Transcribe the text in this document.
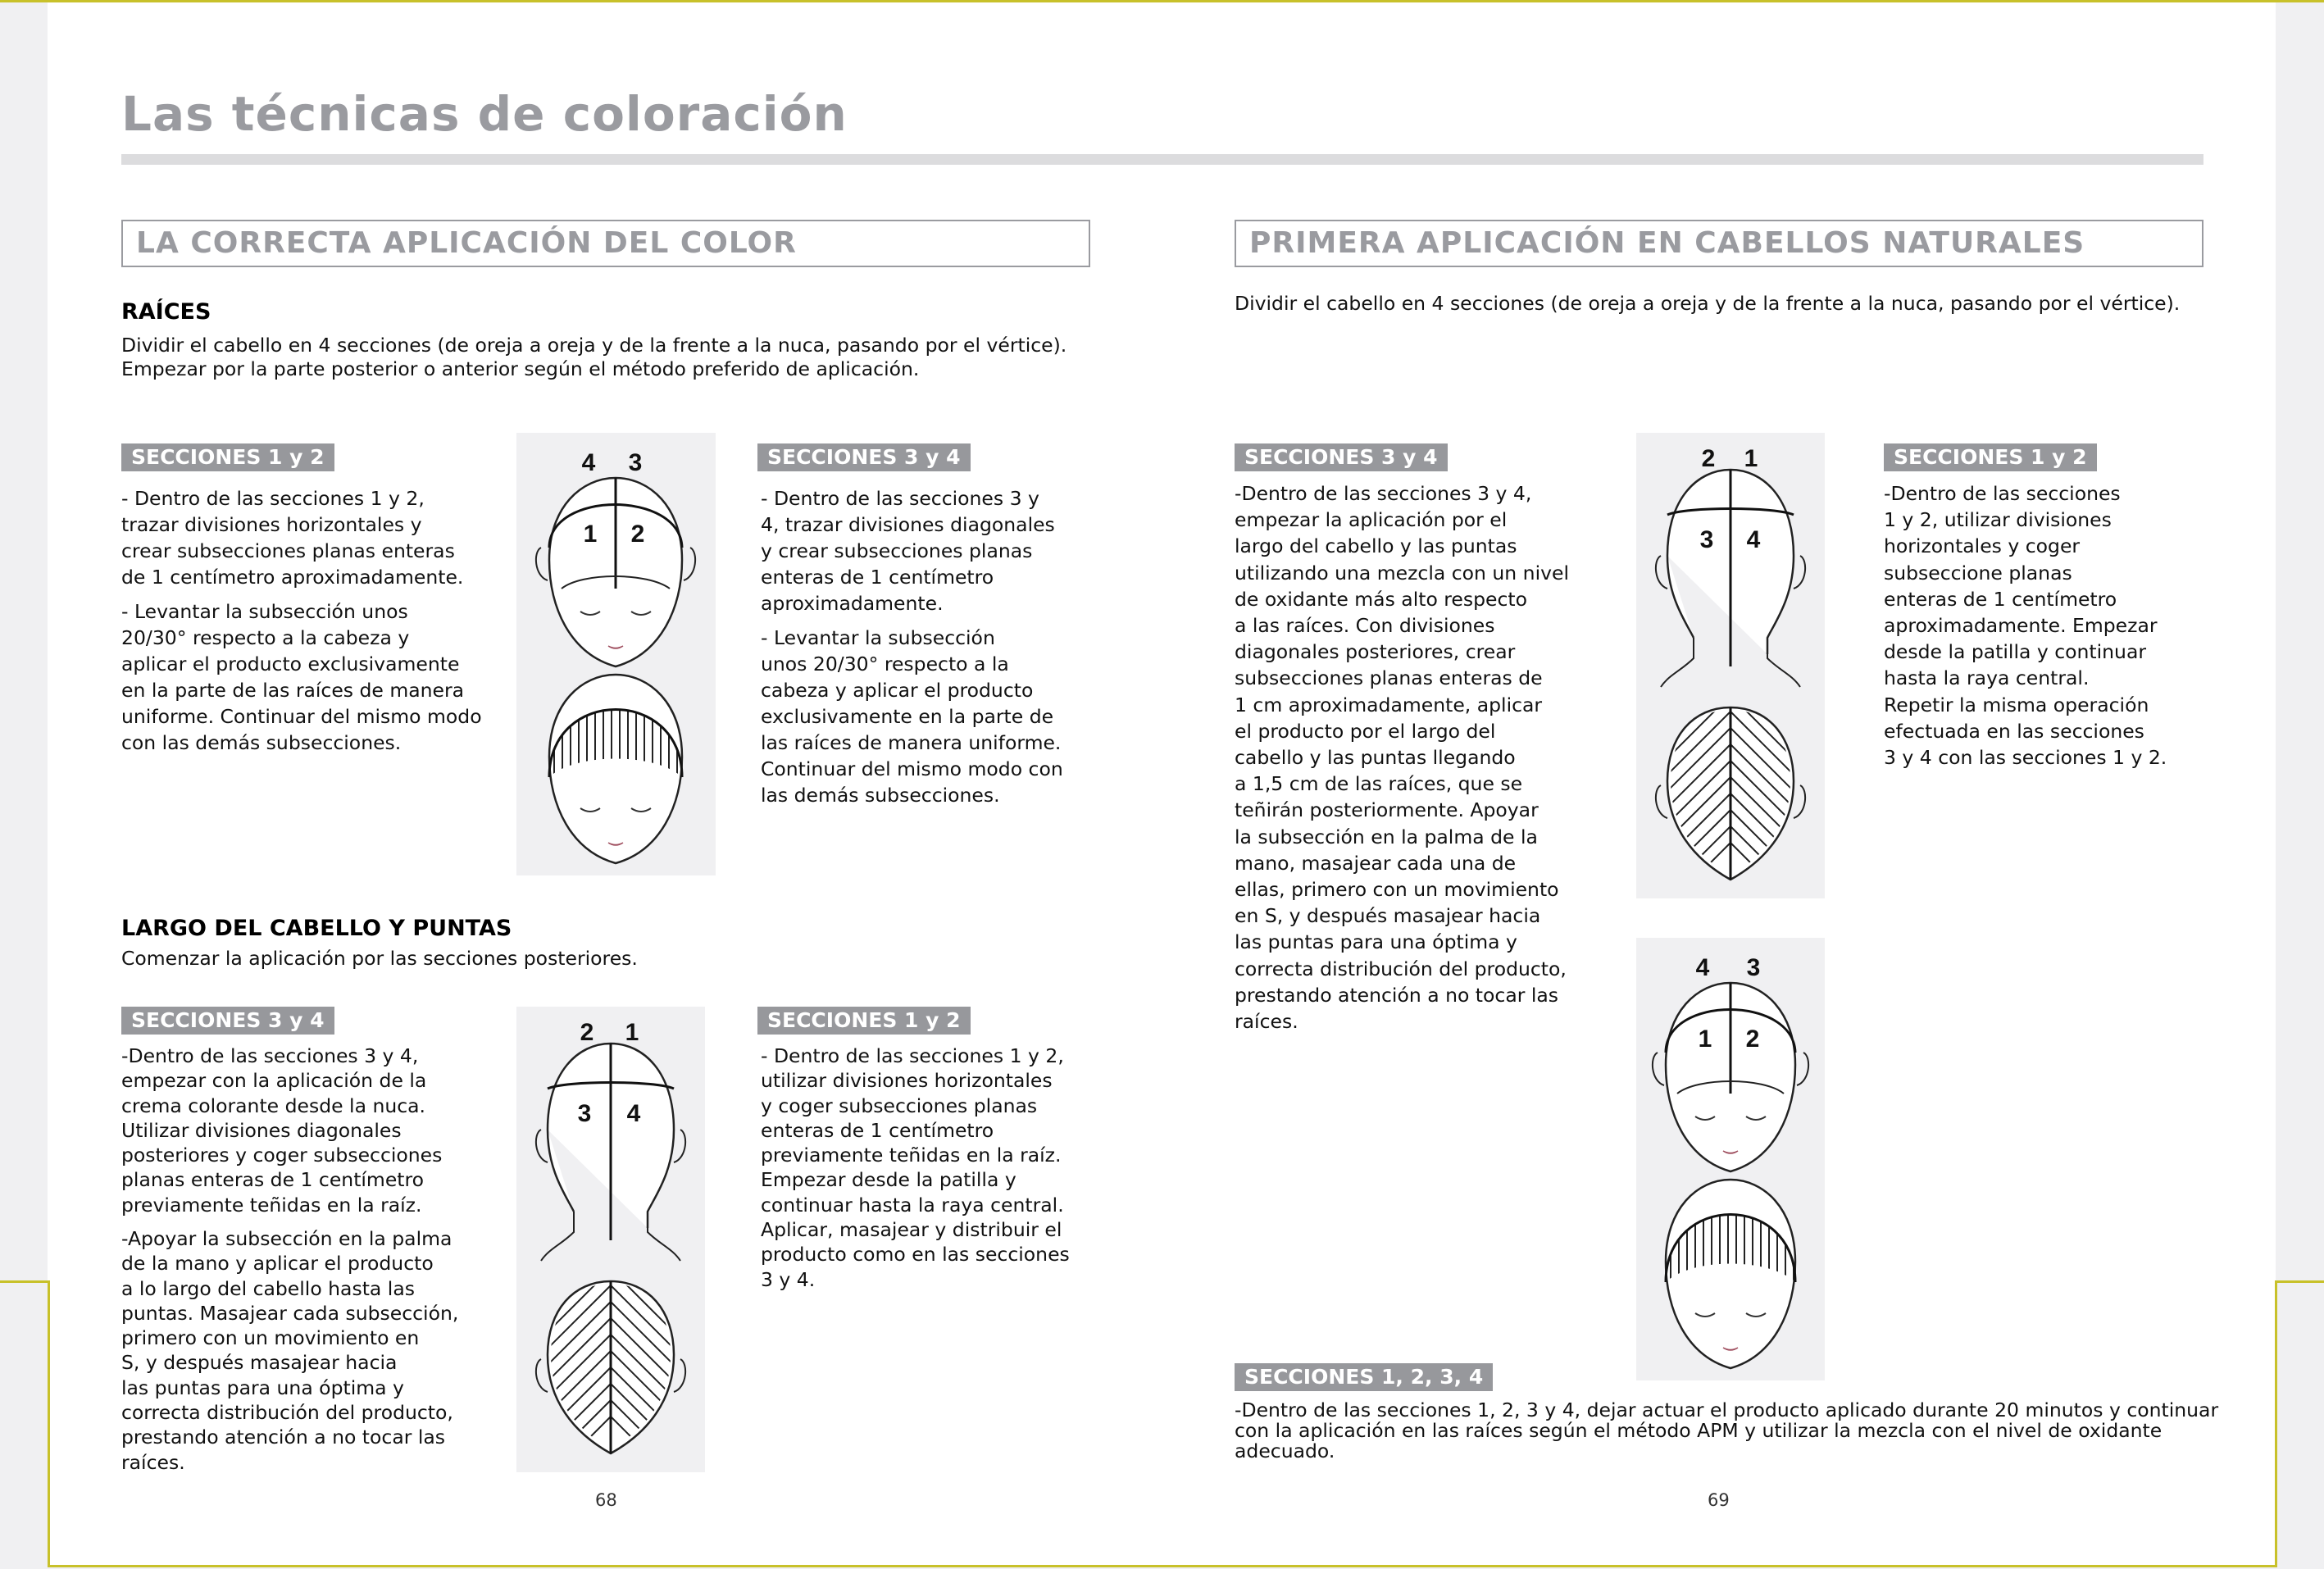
Las técnicas de coloración
LA CORRECTA APLICACIÓN DEL COLOR
RAÍCES
Dividir el cabello en 4 secciones (de oreja a oreja y de la frente a la nuca, pasando por el vértice).
Empezar por la parte posterior o anterior según el método preferido de aplicación.
SECCIONES 1 y 2
- Dentro de las secciones 1 y 2,
trazar divisiones horizontales y
crear subsecciones planas enteras
de 1 centímetro aproximadamente.
- Levantar la subsección unos
20/30° respecto a la cabeza y
aplicar el producto exclusivamente
en la parte de las raíces de manera
uniforme. Continuar del mismo modo
con las demás subsecciones.
4 3
1 2
SECCIONES 3 y 4
- Dentro de las secciones 3 y
4, trazar divisiones diagonales
y crear subsecciones planas
enteras de 1 centímetro
aproximadamente.
- Levantar la subsección
unos 20/30° respecto a la
cabeza y aplicar el producto
exclusivamente en la parte de
las raíces de manera uniforme.
Continuar del mismo modo con
las demás subsecciones.
LARGO DEL CABELLO Y PUNTAS
Comenzar la aplicación por las secciones posteriores.
SECCIONES 3 y 4
-Dentro de las secciones 3 y 4,
empezar con la aplicación de la
crema colorante desde la nuca.
Utilizar divisiones diagonales
posteriores y coger subsecciones
planas enteras de 1 centímetro
previamente teñidas en la raíz.
-Apoyar la subsección en la palma
de la mano y aplicar el producto
a lo largo del cabello hasta las
puntas. Masajear cada subsección,
primero con un movimiento en
S, y después masajear hacia
las puntas para una óptima y
correcta distribución del producto,
prestando atención a no tocar las
raíces.
2 1
3 4
SECCIONES 1 y 2
- Dentro de las secciones 1 y 2,
utilizar divisiones horizontales
y coger subsecciones planas
enteras de 1 centímetro
previamente teñidas en la raíz.
Empezar desde la patilla y
continuar hasta la raya central.
Aplicar, masajear y distribuir el
producto como en las secciones
3 y 4.
68
PRIMERA APLICACIÓN EN CABELLOS NATURALES
Dividir el cabello en 4 secciones (de oreja a oreja y de la frente a la nuca, pasando por el vértice).
SECCIONES 3 y 4
-Dentro de las secciones 3 y 4,
empezar la aplicación por el
largo del cabello y las puntas
utilizando una mezcla con un nivel
de oxidante más alto respecto
a las raíces. Con divisiones
diagonales posteriores, crear
subsecciones planas enteras de
1 cm aproximadamente, aplicar
el producto por el largo del
cabello y las puntas llegando
a 1,5 cm de las raíces, que se
teñirán posteriormente. Apoyar
la subsección en la palma de la
mano, masajear cada una de
ellas, primero con un movimiento
en S, y después masajear hacia
las puntas para una óptima y
correcta distribución del producto,
prestando atención a no tocar las
raíces.
2 1
3 4
SECCIONES 1 y 2
-Dentro de las secciones
1 y 2, utilizar divisiones
horizontales y coger
subseccione planas
enteras de 1 centímetro
aproximadamente. Empezar
desde la patilla y continuar
hasta la raya central.
Repetir la misma operación
efectuada en las secciones
3 y 4 con las secciones 1 y 2.
4 3
1 2
SECCIONES 1, 2, 3, 4
-Dentro de las secciones 1, 2, 3 y 4, dejar actuar el producto aplicado durante 20 minutos y continuar
con la aplicación en las raíces según el método APM y utilizar la mezcla con el nivel de oxidante
adecuado.
69
